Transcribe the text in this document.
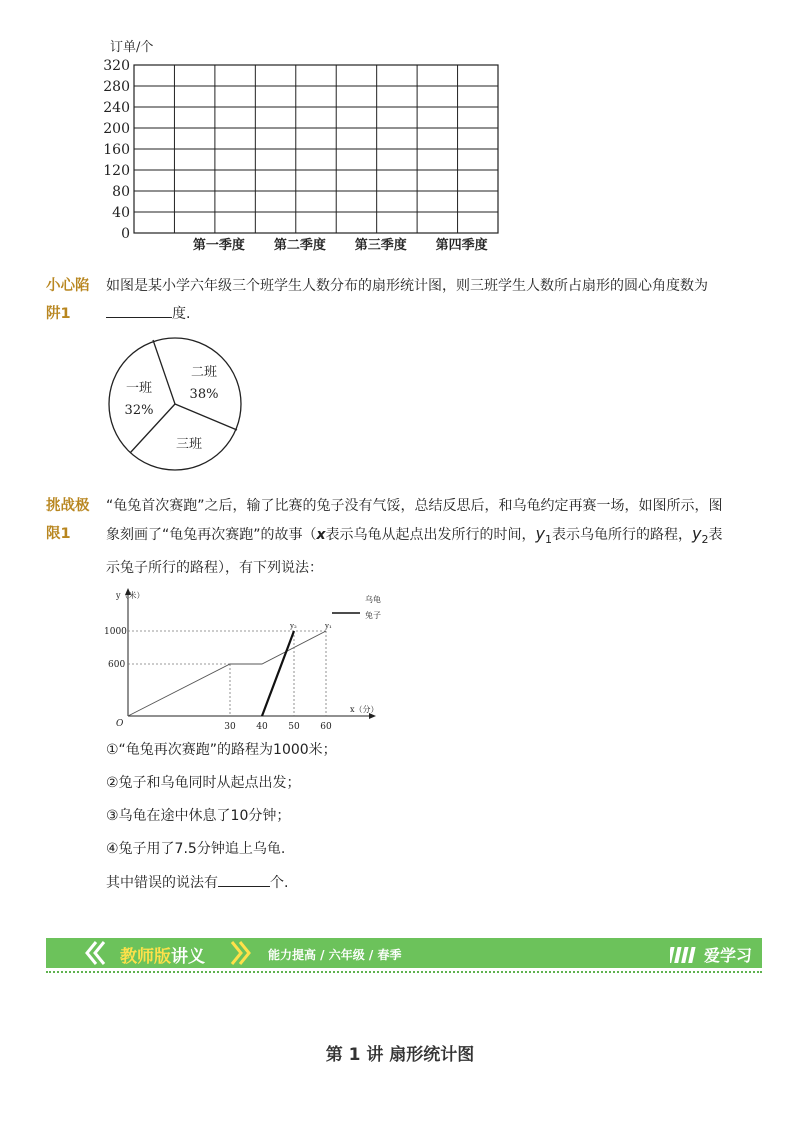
订单/个
320
280
240
200
160
120
80
40
0
第一季度 第二季度 第三季度 第四季度
小心陷阱1
如图是某小学六年级三个班学生人数分布的扇形统计图，则三班学生人数所占扇形的圆心角度数为度.
一班
32%
二班
38%
三班
挑战极限1
“龟兔首次赛跑”之后，输了比赛的兔子没有气馁，总结反思后，和乌龟约定再赛一场，如图所示，图象刻画了“龟兔再次赛跑”的故事（x表示乌龟从起点出发所行的时间，$y_1$表示乌龟所行的路程，$y_2$表示兔子所行的路程），有下列说法：
y（米）
x（分）
O
1000
600
30 40 50 60
y₂	y₁
乌龟
兔子
①“龟兔再次赛跑”的路程为1000米；
②兔子和乌龟同时从起点出发；
③乌龟在途中休息了10分钟；
④兔子用了7.5分钟追上乌龟.
其中错误的说法有	个.
教师版讲义	能力提高 / 六年级 / 春季	爱学习
第 1 讲 扇形统计图
